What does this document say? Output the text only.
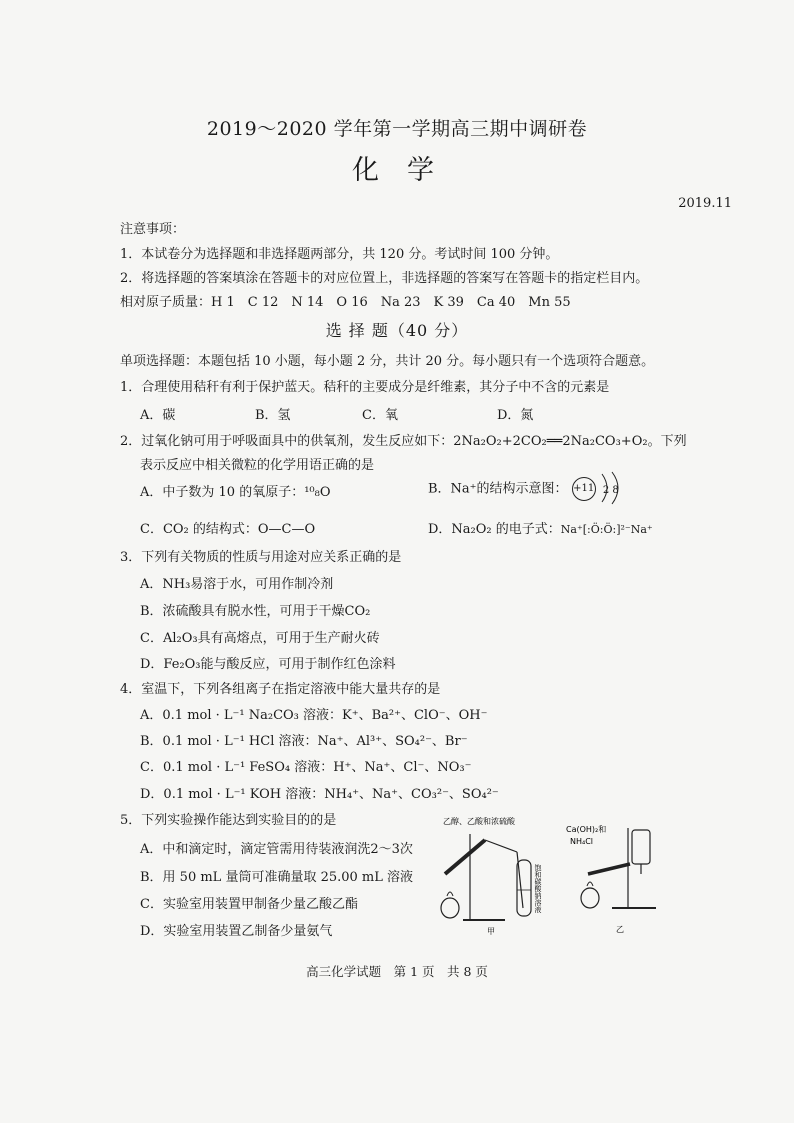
2019～2020 学年第一学期高三期中调研卷
化学
2019.11
注意事项：
1．本试卷分为选择题和非选择题两部分，共 120 分。考试时间 100 分钟。
2．将选择题的答案填涂在答题卡的对应位置上，非选择题的答案写在答题卡的指定栏目内。
相对原子质量：H 1　C 12　N 14　O 16　Na 23　K 39　Ca 40　Mn 55
选 择 题（40 分）
单项选择题：本题包括 10 小题，每小题 2 分，共计 20 分。每小题只有一个选项符合题意。
1．合理使用秸秆有利于保护蓝天。秸秆的主要成分是纤维素，其分子中不含的元素是
A．碳	B．氢	C．氧	D．氮
2．过氧化钠可用于呼吸面具中的供氧剂，发生反应如下：2Na₂O₂+2CO₂══2Na₂CO₃+O₂。下列
表示反应中相关微粒的化学用语正确的是
A．中子数为 10 的氧原子：¹⁰₈O	B．Na⁺的结构示意图： +11 2 8
C．CO₂ 的结构式：O—C—O	D．Na₂O₂ 的电子式：Na⁺[:Ö:Ö:]²⁻Na⁺
3．下列有关物质的性质与用途对应关系正确的是
A．NH₃易溶于水，可用作制冷剂
B．浓硫酸具有脱水性，可用于干燥CO₂
C．Al₂O₃具有高熔点，可用于生产耐火砖
D．Fe₂O₃能与酸反应，可用于制作红色涂料
4．室温下，下列各组离子在指定溶液中能大量共存的是
A．0.1 mol · L⁻¹ Na₂CO₃ 溶液：K⁺、Ba²⁺、ClO⁻、OH⁻
B．0.1 mol · L⁻¹ HCl 溶液：Na⁺、Al³⁺、SO₄²⁻、Br⁻
C．0.1 mol · L⁻¹ FeSO₄ 溶液：H⁺、Na⁺、Cl⁻、NO₃⁻
D．0.1 mol · L⁻¹ KOH 溶液：NH₄⁺、Na⁺、CO₃²⁻、SO₄²⁻
5．下列实验操作能达到实验目的的是
A．中和滴定时，滴定管需用待装液润洗2～3次
B．用 50 mL 量筒可准确量取 25.00 mL 溶液
C．实验室用装置甲制备少量乙酸乙酯
D．实验室用装置乙制备少量氨气
乙醇、乙酸和浓硫酸
饱和碳酸钠溶液
甲
Ca(OH)₂和
NH₄Cl
乙
高三化学试题　第 1 页　共 8 页
